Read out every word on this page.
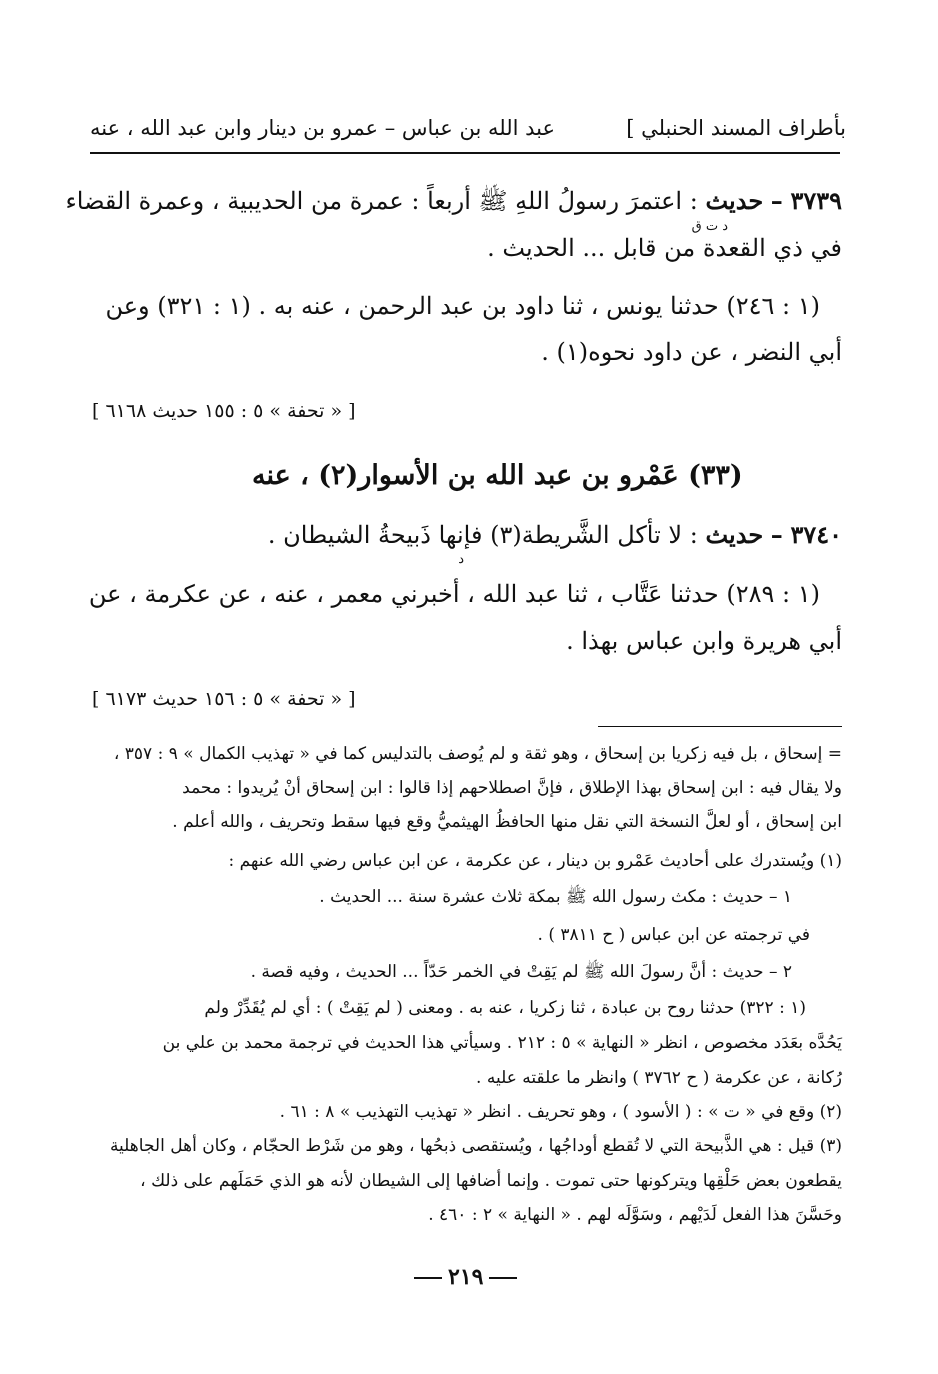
بأطراف المسند الحنبلي ]
عبد الله بن عباس – عمرو بن دينار وابن عبد الله ، عنه
٣٧٣٩ – حديث : اعتمرَ رسولُ اللهِ ﷺ أربعاً : عمرة من الحديبية ، وعمرة القضاء
د ت ق
في ذي القعدة من قابل ... الحديث .
(١ : ٢٤٦) حدثنا يونس ، ثنا داود بن عبد الرحمن ، عنه به . (١ : ٣٢١) وعن
أبي النضر ، عن داود نحوه(١) .
[ « تحفة » ٥ : ١٥٥ حديث ٦١٦٨ ]
(٣٣) عَمْرو بن عبد الله بن الأسوار(٢) ، عنه
٣٧٤٠ – حديث : لا تأكل الشَّريطة(٣) فإنها ذَبيحةُ الشيطان .
د
(١ : ٢٨٩) حدثنا عَتَّاب ، ثنا عبد الله ، أخبرني معمر ، عنه ، عن عكرمة ، عن
أبي هريرة وابن عباس بهذا .
[ « تحفة » ٥ : ١٥٦ حديث ٦١٧٣ ]
= إسحاق ، بل فيه زكريا بن إسحاق ، وهو ثقة و لم يُوصف بالتدليس كما في « تهذيب الكمال » ٩ : ٣٥٧ ،
ولا يقال فيه : ابن إسحاق بهذا الإطلاق ، فإنَّ اصطلاحهم إذا قالوا : ابن إسحاق أنْ يُريدوا : محمد
ابن إسحاق ، أو لعلَّ النسخة التي نقل منها الحافظُ الهيثميُّ وقع فيها سقط وتحريف ، والله أعلم .
(١) ويُستدرك على أحاديث عَمْرو بن دينار ، عن عكرمة ، عن ابن عباس رضي الله عنهم :
١ – حديث : مكث رسول الله ﷺ بمكة ثلاث عشرة سنة ... الحديث .
في ترجمته عن ابن عباس ( ح ٣٨١١ ) .
٢ – حديث : أنَّ رسولَ الله ﷺ لم يَقِتْ في الخمر حَدّاً ... الحديث ، وفيه قصة .
(١ : ٣٢٢) حدثنا روح بن عبادة ، ثنا زكريا ، عنه به . ومعنى ( لم يَقِتْ ) : أي لم يُقَدِّرْ ولم
يَحُدَّه بعَدَد مخصوص ، انظر « النهاية » ٥ : ٢١٢ . وسيأتي هذا الحديث في ترجمة محمد بن علي بن
رُكانة ، عن عكرمة ( ح ٣٧٦٢ ) وانظر ما علقته عليه .
(٢) وقع في « ت » : ( الأسود ) ، وهو تحريف . انظر « تهذيب التهذيب » ٨ : ٦١ .
(٣) قيل : هي الذَّبيحة التي لا تُقطع أوداجُها ، ويُستقصى ذبحُها ، وهو من شَرْط الحجّام ، وكان أهل الجاهلية
يقطعون بعض حَلْقِها ويتركونها حتى تموت . وإنما أضافها إلى الشيطان لأنه هو الذي حَمَلَهم على ذلك ،
وحَسَّنَ هذا الفعل لَدَيْهم ، وسَوَّلَه لهم . « النهاية » ٢ : ٤٦٠ .
٢١٩
